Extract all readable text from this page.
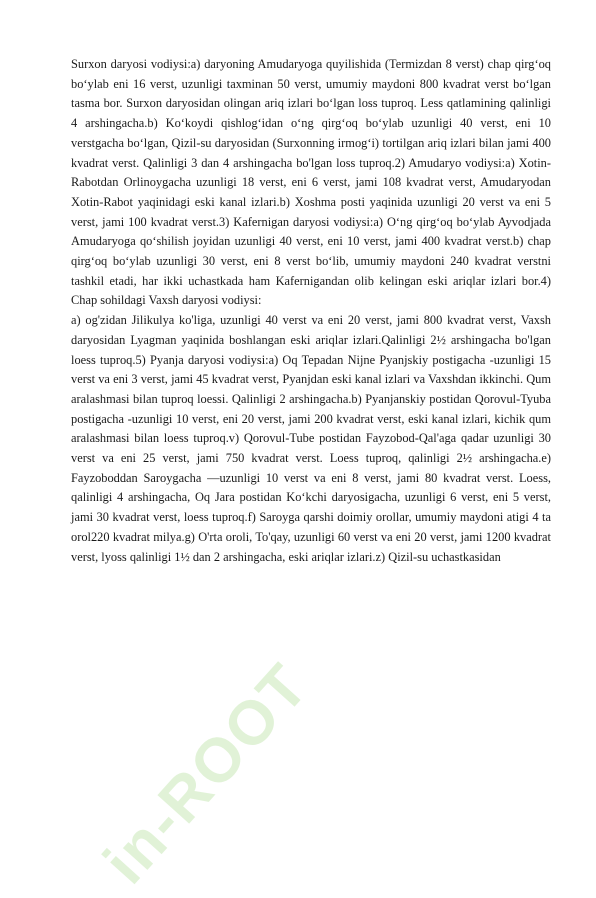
in-ROOT

Surxon daryosi vodiysi:a) daryoning Amudaryoga quyilishida (Termizdan 8 verst) chap qirg‘oq bo‘ylab eni 16 verst, uzunligi taxminan 50 verst, umumiy maydoni 800 kvadrat verst bo‘lgan tasma bor. Surxon daryosidan olingan ariq izlari bo‘lgan loss tuproq. Less qatlamining qalinligi 4 arshingacha.b) Ko‘koydi qishlog‘idan o‘ng qirg‘oq bo‘ylab uzunligi 40 verst, eni 10 verstgacha bo‘lgan, Qizil-su daryosidan (Surxonning irmog‘i) tortilgan ariq izlari bilan jami 400 kvadrat verst. Qalinligi 3 dan 4 arshingacha bo'lgan loss tuproq.2) Amudaryo vodiysi:a) Xotin-Rabotdan Orlinoygacha uzunligi 18 verst, eni 6 verst, jami 108 kvadrat verst, Amudaryodan Xotin-Rabot yaqinidagi eski kanal izlari.b) Xoshma posti yaqinida uzunligi 20 verst va eni 5 verst, jami 100 kvadrat verst.3) Kafernigan daryosi vodiysi:a) O‘ng qirg‘oq bo‘ylab Ayvodjada Amudaryoga qo‘shilish joyidan uzunligi 40 verst, eni 10 verst, jami 400 kvadrat verst.b) chap qirg‘oq bo‘ylab uzunligi 30 verst, eni 8 verst bo‘lib, umumiy maydoni 240 kvadrat verstni tashkil etadi, har ikki uchastkada ham Kafernigandan olib kelingan eski ariqlar izlari bor.4) Chap sohildagi Vaxsh daryosi vodiysi:

a) og'zidan Jilikulya ko'liga, uzunligi 40 verst va eni 20 verst, jami 800 kvadrat verst, Vaxsh daryosidan Lyagman yaqinida boshlangan eski ariqlar izlari.Qalinligi 2½ arshingacha bo'lgan loess tuproq.5) Pyanja daryosi vodiysi:a) Oq Tepadan Nijne Pyanjskiy postigacha -uzunligi 15 verst va eni 3 verst, jami 45 kvadrat verst, Pyanjdan eski kanal izlari va Vaxshdan ikkinchi. Qum aralashmasi bilan tuproq loessi. Qalinligi 2 arshingacha.b) Pyanjanskiy postidan Qorovul-Tyuba postigacha -uzunligi 10 verst, eni 20 verst, jami 200 kvadrat verst, eski kanal izlari, kichik qum aralashmasi bilan loess tuproq.v) Qorovul-Tube postidan Fayzobod-Qal'aga qadar uzunligi 30 verst va eni 25 verst, jami 750 kvadrat verst. Loess tuproq, qalinligi 2½ arshingacha.e) Fayzoboddan Saroygacha —uzunligi 10 verst va eni 8 verst, jami 80 kvadrat verst. Loess, qalinligi 4 arshingacha, Oq Jara postidan Ko‘kchi daryosigacha, uzunligi 6 verst, eni 5 verst, jami 30 kvadrat verst, loess tuproq.f) Saroyga qarshi doimiy orollar, umumiy maydoni atigi 4 ta orol220 kvadrat milya.g) O'rta oroli, To'qay, uzunligi 60 verst va eni 20 verst, jami 1200 kvadrat verst, lyoss qalinligi 1½ dan 2 arshingacha, eski ariqlar izlari.z) Qizil-su uchastkasidan
